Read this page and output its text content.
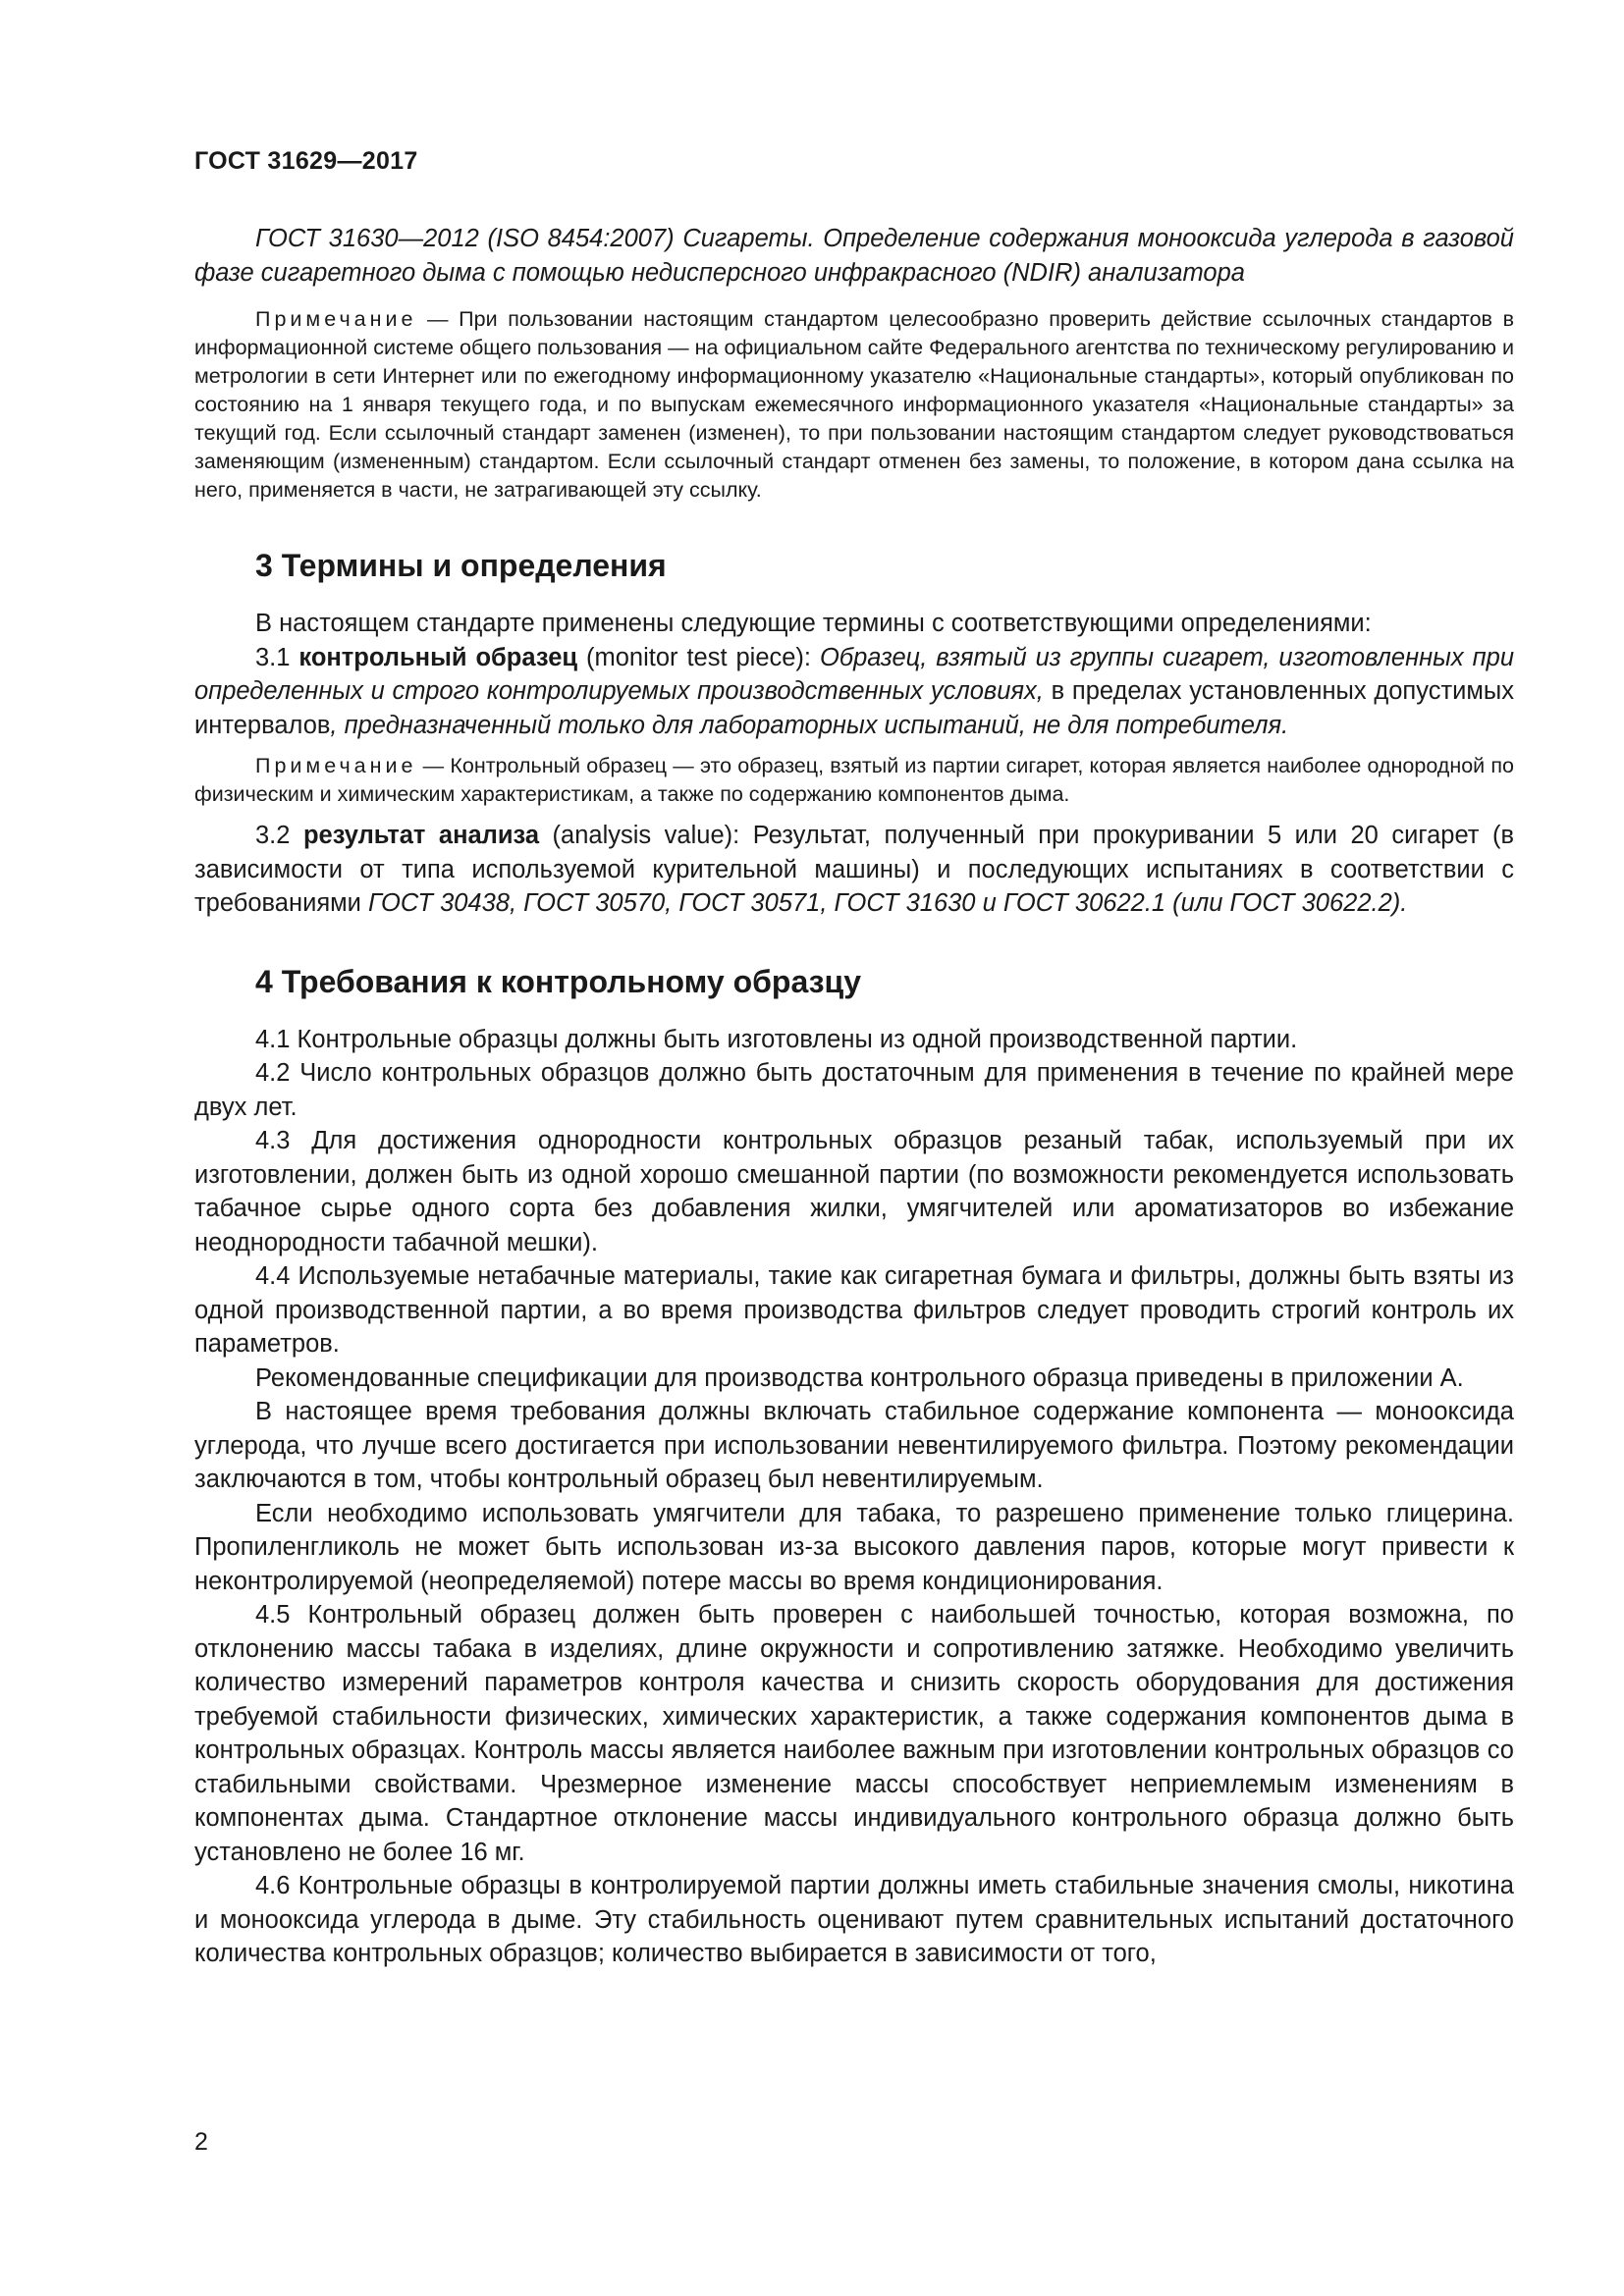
ГОСТ 31629—2017

ГОСТ 31630—2012 (ISO 8454:2007) Сигареты. Определение содержания монооксида углерода в газовой фазе сигаретного дыма с помощью недисперсного инфракрасного (NDIR) анализатора

Примечание — При пользовании настоящим стандартом целесообразно проверить действие ссылочных стандартов в информационной системе общего пользования — на официальном сайте Федерального агентства по техническому регулированию и метрологии в сети Интернет или по ежегодному информационному указателю «Национальные стандарты», который опубликован по состоянию на 1 января текущего года, и по выпускам ежемесячного информационного указателя «Национальные стандарты» за текущий год. Если ссылочный стандарт заменен (изменен), то при пользовании настоящим стандартом следует руководствоваться заменяющим (измененным) стандартом. Если ссылочный стандарт отменен без замены, то положение, в котором дана ссылка на него, применяется в части, не затрагивающей эту ссылку.

3 Термины и определения

В настоящем стандарте применены следующие термины с соответствующими определениями:

3.1 контрольный образец (monitor test piece): Образец, взятый из группы сигарет, изготовленных при определенных и строго контролируемых производственных условиях, в пределах установленных допустимых интервалов, предназначенный только для лабораторных испытаний, не для потребителя.

Примечание — Контрольный образец — это образец, взятый из партии сигарет, которая является наиболее однородной по физическим и химическим характеристикам, а также по содержанию компонентов дыма.

3.2 результат анализа (analysis value): Результат, полученный при прокуривании 5 или 20 сигарет (в зависимости от типа используемой курительной машины) и последующих испытаниях в соответствии с требованиями ГОСТ 30438, ГОСТ 30570, ГОСТ 30571, ГОСТ 31630 и ГОСТ 30622.1 (или ГОСТ 30622.2).

4 Требования к контрольному образцу

4.1 Контрольные образцы должны быть изготовлены из одной производственной партии.

4.2 Число контрольных образцов должно быть достаточным для применения в течение по крайней мере двух лет.

4.3 Для достижения однородности контрольных образцов резаный табак, используемый при их изготовлении, должен быть из одной хорошо смешанной партии (по возможности рекомендуется использовать табачное сырье одного сорта без добавления жилки, умягчителей или ароматизаторов во избежание неоднородности табачной мешки).

4.4 Используемые нетабачные материалы, такие как сигаретная бумага и фильтры, должны быть взяты из одной производственной партии, а во время производства фильтров следует проводить строгий контроль их параметров.

Рекомендованные спецификации для производства контрольного образца приведены в приложении А.

В настоящее время требования должны включать стабильное содержание компонента — монооксида углерода, что лучше всего достигается при использовании невентилируемого фильтра. Поэтому рекомендации заключаются в том, чтобы контрольный образец был невентилируемым.

Если необходимо использовать умягчители для табака, то разрешено применение только глицерина. Пропиленгликоль не может быть использован из-за высокого давления паров, которые могут привести к неконтролируемой (неопределяемой) потере массы во время кондиционирования.

4.5 Контрольный образец должен быть проверен с наибольшей точностью, которая возможна, по отклонению массы табака в изделиях, длине окружности и сопротивлению затяжке. Необходимо увеличить количество измерений параметров контроля качества и снизить скорость оборудования для достижения требуемой стабильности физических, химических характеристик, а также содержания компонентов дыма в контрольных образцах. Контроль массы является наиболее важным при изготовлении контрольных образцов со стабильными свойствами. Чрезмерное изменение массы способствует неприемлемым изменениям в компонентах дыма. Стандартное отклонение массы индивидуального контрольного образца должно быть установлено не более 16 мг.

4.6 Контрольные образцы в контролируемой партии должны иметь стабильные значения смолы, никотина и монооксида углерода в дыме. Эту стабильность оценивают путем сравнительных испытаний достаточного количества контрольных образцов; количество выбирается в зависимости от того,

2
